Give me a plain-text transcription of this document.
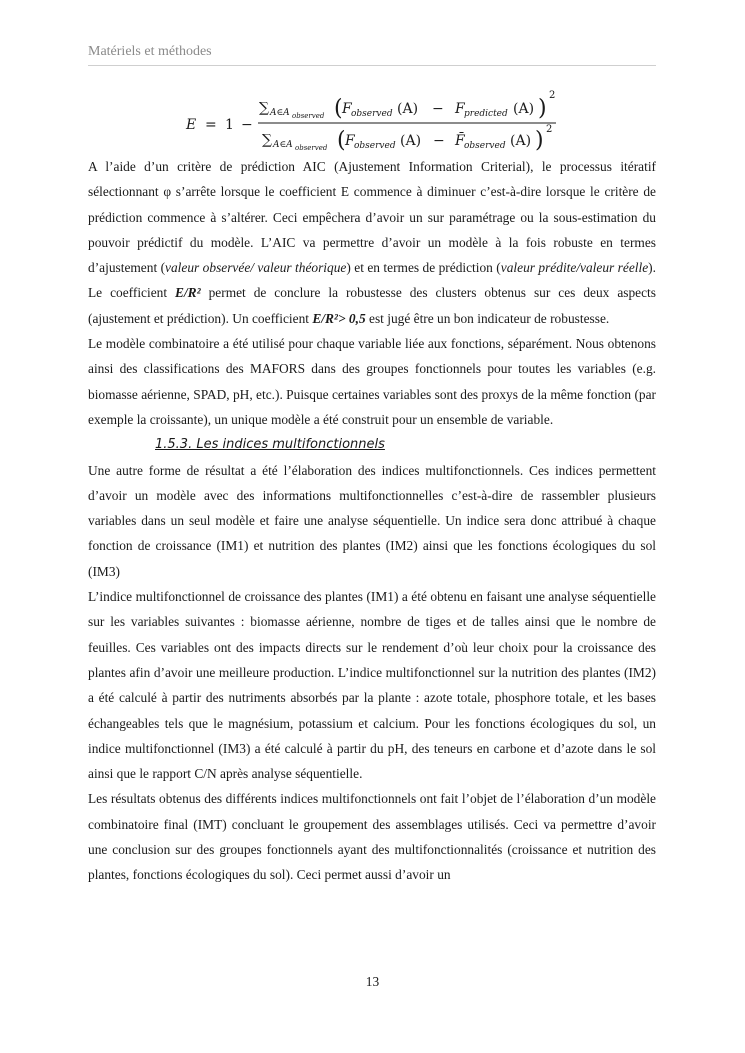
Matériels et méthodes
E = 1 −
∑ A∈A observed ( F observed (A) − F predicted (A) )
2
∑ A∈A observed ( F observed (A) − F̄ observed (A) ) 2

A l’aide d’un critère de prédiction AIC (Ajustement Information Criterial), le processus itératif sélectionnant φ s’arrête lorsque le coefficient E commence à diminuer c’est-à-dire lorsque le critère de prédiction commence à s’altérer. Ceci empêchera d’avoir un sur paramétrage ou la sous-estimation du pouvoir prédictif du modèle. L’AIC va permettre d’avoir un modèle à la fois robuste en termes d’ajustement (valeur observée/ valeur théorique) et en termes de prédiction (valeur prédite/valeur réelle). Le coefficient E/R² permet de conclure la robustesse des clusters obtenus sur ces deux aspects (ajustement et prédiction). Un coefficient E/R²> 0,5 est jugé être un bon indicateur de robustesse.

Le modèle combinatoire a été utilisé pour chaque variable liée aux fonctions, séparément. Nous obtenons ainsi des classifications des MAFORS dans des groupes fonctionnels pour toutes les variables (e.g. biomasse aérienne, SPAD, pH, etc.). Puisque certaines variables sont des proxys de la même fonction (par exemple la croissante), un unique modèle a été construit pour un ensemble de variable.

1.5.3. Les indices multifonctionnels

Une autre forme de résultat a été l’élaboration des indices multifonctionnels. Ces indices permettent d’avoir un modèle avec des informations multifonctionnelles c’est-à-dire de rassembler plusieurs variables dans un seul modèle et faire une analyse séquentielle. Un indice sera donc attribué à chaque fonction de croissance (IM1) et nutrition des plantes (IM2) ainsi que les fonctions écologiques du sol (IM3)

L’indice multifonctionnel de croissance des plantes (IM1) a été obtenu en faisant une analyse séquentielle sur les variables suivantes : biomasse aérienne, nombre de tiges et de talles ainsi que le nombre de feuilles. Ces variables ont des impacts directs sur le rendement d’où leur choix pour la croissance des plantes afin d’avoir une meilleure production. L’indice multifonctionnel sur la nutrition des plantes (IM2) a été calculé à partir des nutriments absorbés par la plante : azote totale, phosphore totale, et les bases échangeables tels que le magnésium, potassium et calcium. Pour les fonctions écologiques du sol, un indice multifonctionnel (IM3) a été calculé à partir du pH, des teneurs en carbone et d’azote dans le sol ainsi que le rapport C/N après analyse séquentielle.

Les résultats obtenus des différents indices multifonctionnels ont fait l’objet de l’élaboration d’un modèle combinatoire final (IMT) concluant le groupement des assemblages utilisés. Ceci va permettre d’avoir une conclusion sur des groupes fonctionnels ayant des multifonctionnalités (croissance et nutrition des plantes, fonctions écologiques du sol). Ceci permet aussi d’avoir un

13
